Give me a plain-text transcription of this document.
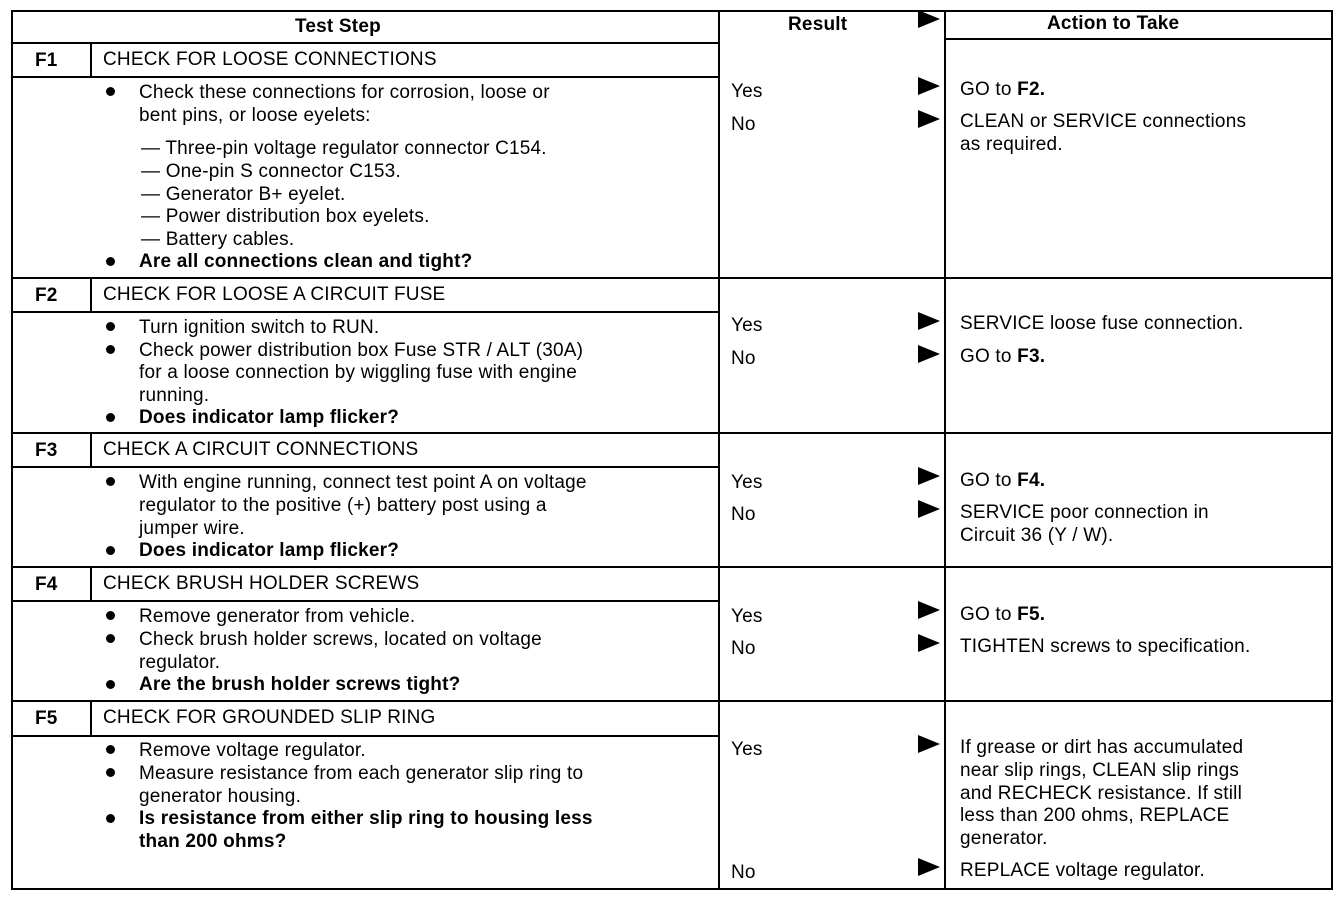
Test Step	Result	Action to Take
F1 CHECK FOR LOOSE CONNECTIONS
Check these connections for corrosion, loose or
bent pins, or loose eyelets:
— Three-pin voltage regulator connector C154.
— One-pin S connector C153.
— Generator B+ eyelet.
— Power distribution box eyelets.
— Battery cables.
Are all connections clean and tight?
Yes
No
GO to F2.
CLEAN or SERVICE connections
as required.
F2 CHECK FOR LOOSE A CIRCUIT FUSE
Turn ignition switch to RUN.
Check power distribution box Fuse STR / ALT (30A)
for a loose connection by wiggling fuse with engine
running.
Does indicator lamp flicker?
Yes
No
SERVICE loose fuse connection.
GO to F3.
F3 CHECK A CIRCUIT CONNECTIONS
With engine running, connect test point A on voltage
regulator to the positive (+) battery post using a
jumper wire.
Does indicator lamp flicker?
Yes
No
GO to F4.
SERVICE poor connection in
Circuit 36 (Y / W).
F4 CHECK BRUSH HOLDER SCREWS
Remove generator from vehicle.
Check brush holder screws, located on voltage
regulator.
Are the brush holder screws tight?
Yes
No
GO to F5.
TIGHTEN screws to specification.
F5 CHECK FOR GROUNDED SLIP RING
Remove voltage regulator.
Measure resistance from each generator slip ring to
generator housing.
Is resistance from either slip ring to housing less
than 200 ohms?
Yes
No
If grease or dirt has accumulated
near slip rings, CLEAN slip rings
and RECHECK resistance. If still
less than 200 ohms, REPLACE
generator.
REPLACE voltage regulator.
